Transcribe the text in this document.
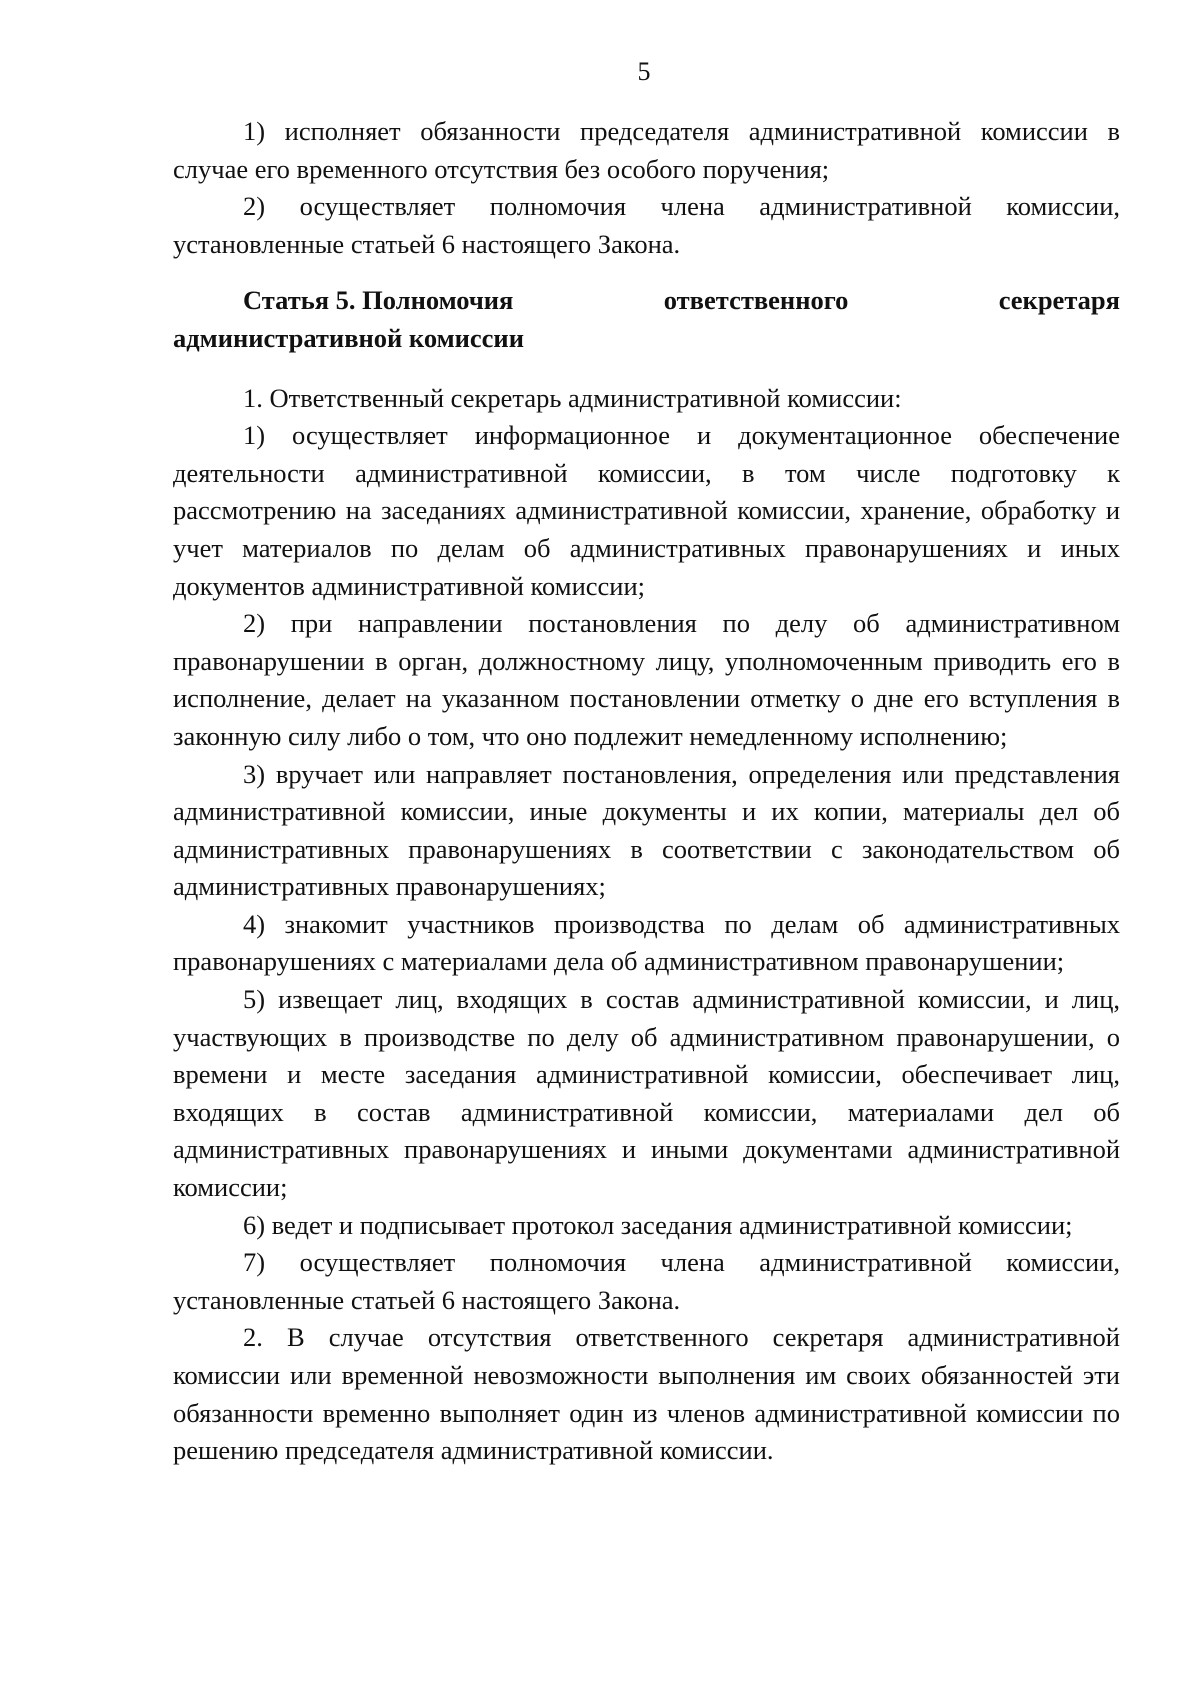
5

1) исполняет обязанности председателя административной комиссии в случае его временного отсутствия без особого поручения;

2) осуществляет полномочия члена административной комиссии, установленные статьей 6 настоящего Закона.

Статья 5. Полномочия	ответственного	секретаря
административной комиссии

1. Ответственный секретарь административной комиссии:

1) осуществляет информационное и документационное обеспечение деятельности административной комиссии, в том числе подготовку к рассмотрению на заседаниях административной комиссии, хранение, обработку и учет материалов по делам об административных правонарушениях и иных документов административной комиссии;

2) при направлении постановления по делу об административном правонарушении в орган, должностному лицу, уполномоченным приводить его в исполнение, делает на указанном постановлении отметку о дне его вступления в законную силу либо о том, что оно подлежит немедленному исполнению;

3) вручает или направляет постановления, определения или представления административной комиссии, иные документы и их копии, материалы дел об административных правонарушениях в соответствии с законодательством об административных правонарушениях;

4) знакомит участников производства по делам об административных правонарушениях с материалами дела об административном правонарушении;

5) извещает лиц, входящих в состав административной комиссии, и лиц, участвующих в производстве по делу об административном правонарушении, о времени и месте заседания административной комиссии, обеспечивает лиц, входящих в состав административной комиссии, материалами дел об административных правонарушениях и иными документами административной комиссии;

6) ведет и подписывает протокол заседания административной комиссии;

7) осуществляет полномочия члена административной комиссии, установленные статьей 6 настоящего Закона.

2. В случае отсутствия ответственного секретаря административной комиссии или временной невозможности выполнения им своих обязанностей эти обязанности временно выполняет один из членов административной комиссии по решению председателя административной комиссии.
